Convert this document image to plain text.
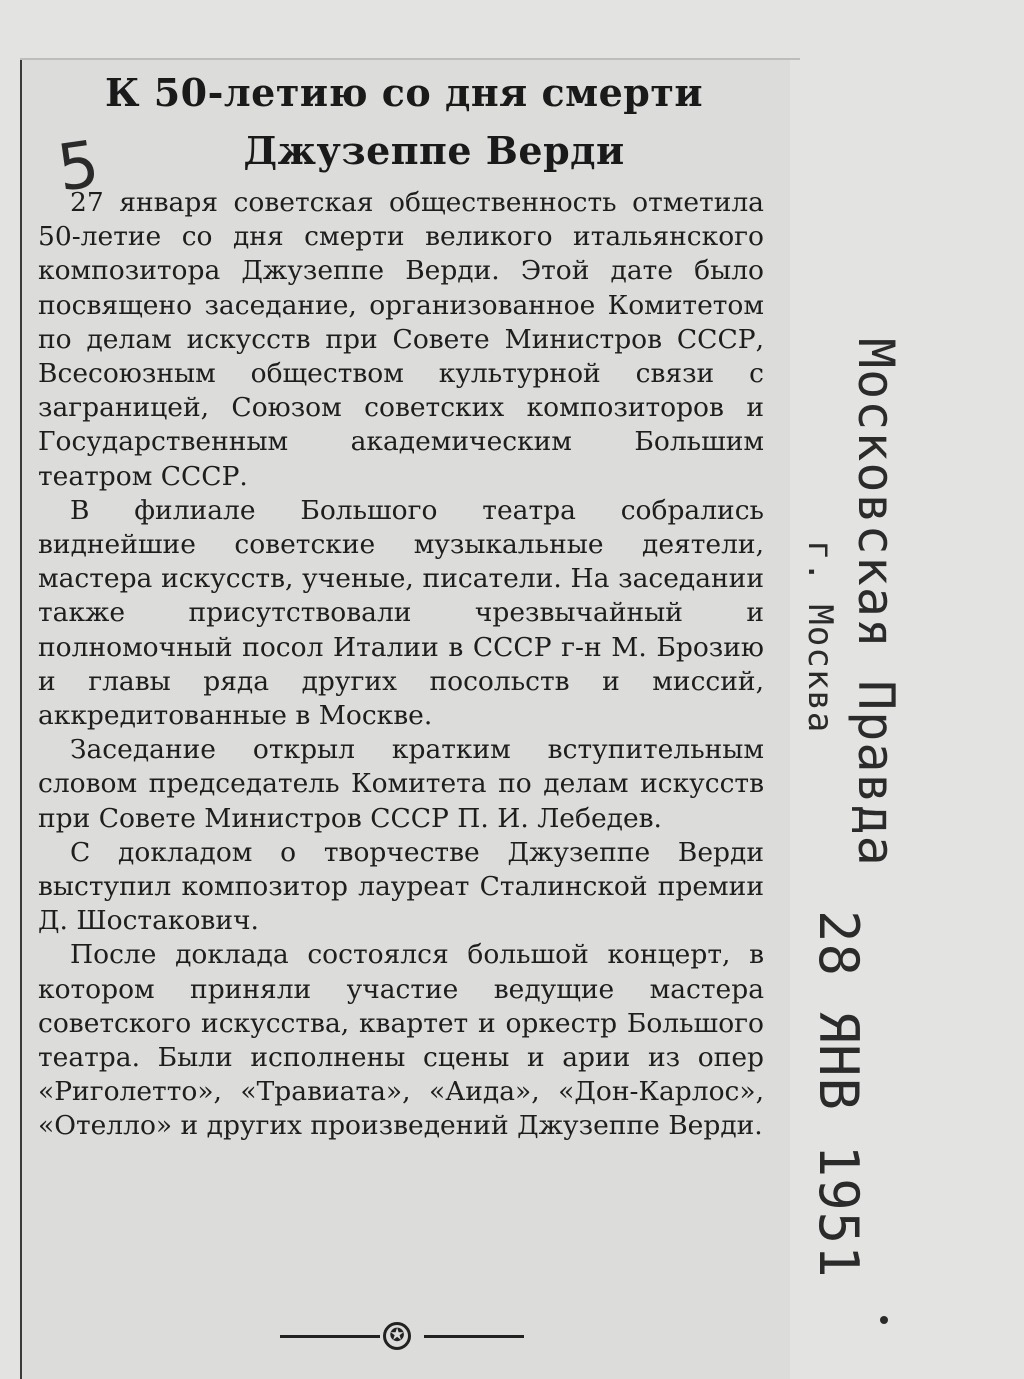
К 50-летию со дня смерти
Джузеппе Верди
5

27 января советская общественность отметила 50-летие со дня смерти великого итальянского композитора Джузеппе Верди. Этой дате было посвящено заседание, организованное Комитетом по делам искусств при Совете Министров СССР, Всесоюзным обществом культурной связи с заграницей, Союзом советских композиторов и Государственным академическим Большим театром СССР.

В филиале Большого театра собрались виднейшие советские музыкальные деятели, мастера искусств, ученые, писатели. На заседании также присутствовали чрезвычайный и полномочный посол Италии в СССР г-н М. Брозию и главы ряда других посольств и миссий, аккредитованные в Москве.

Заседание открыл кратким вступительным словом председатель Комитета по делам искусств при Совете Министров СССР П. И. Лебедев.

С докладом о творчестве Джузеппе Верди выступил композитор лауреат Сталинской премии Д. Шостакович.

После доклада состоялся большой концерт, в котором приняли участие ведущие мастера советского искусства, квартет и оркестр Большого театра. Были исполнены сцены и арии из опер «Риголетто», «Травиата», «Аида», «Дон-Карлос», «Отелло» и других произведений Джузеппе Верди.

✪
Московская Правда
г. Москва
28 ЯНВ 1951
